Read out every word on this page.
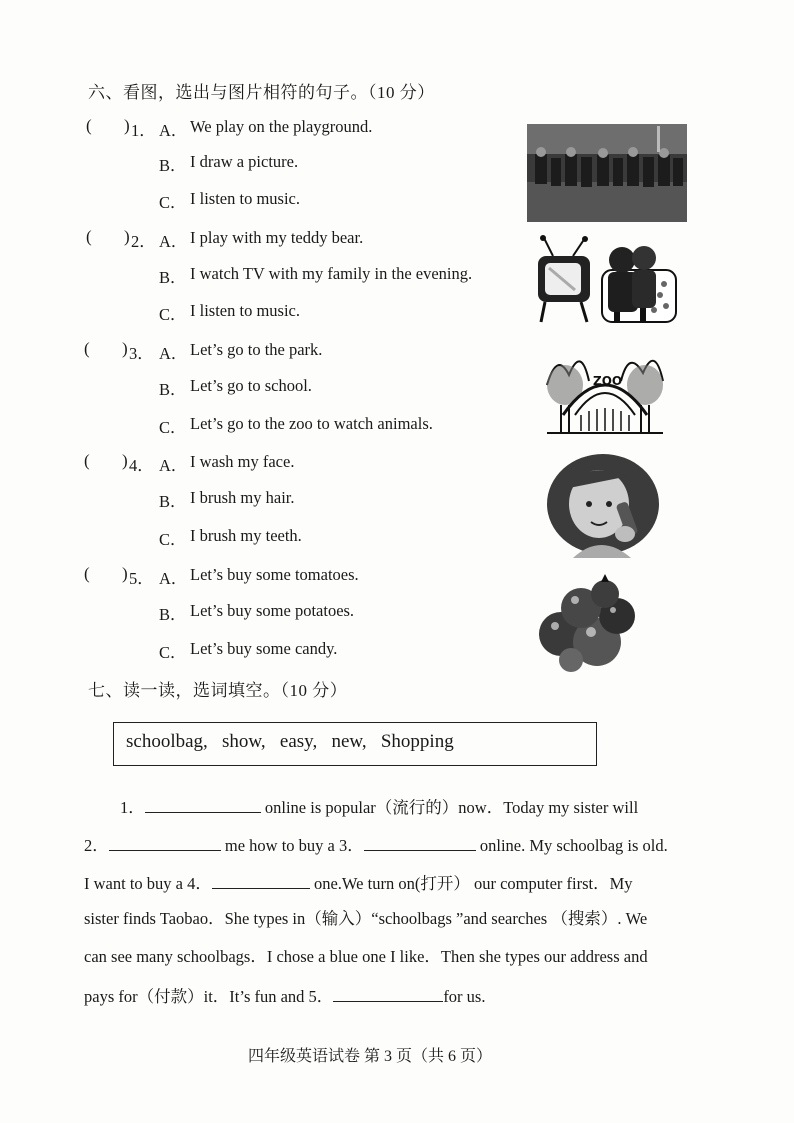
六、看图，选出与图片相符的句子。（10 分）
( ) 1． A． We play on the playground.
B． I draw a picture.
C． I listen to music.
( ) 2． A． I play with my teddy bear.
B． I watch TV with my family in the evening.
C． I listen to music.
( ) 3． A． Let’s go to the park.
B． Let’s go to school.
C． Let’s go to the zoo to watch animals.
( ) 4． A． I wash my face.
B． I brush my hair.
C． I brush my teeth.
( ) 5． A． Let’s buy some tomatoes.
B． Let’s buy some potatoes.
C． Let’s buy some candy.
ZOO
七、读一读，选词填空。（10 分）
schoolbag,   show,   easy,   new,   Shopping
1．	online is popular（流行的）now．Today my sister will
2．	me how to buy a 3．	online. My schoolbag is old.
I want to buy a 4．	one.We turn on(打开） our computer first．My
sister finds Taobao．She types in（输入）“schoolbags ”and searches （搜索）. We
can see many schoolbags．I chose a blue one I like．Then she types our address and
pays for（付款）it．It’s fun and 5．	for us.
四年级英语试卷 第 3 页（共 6 页）
